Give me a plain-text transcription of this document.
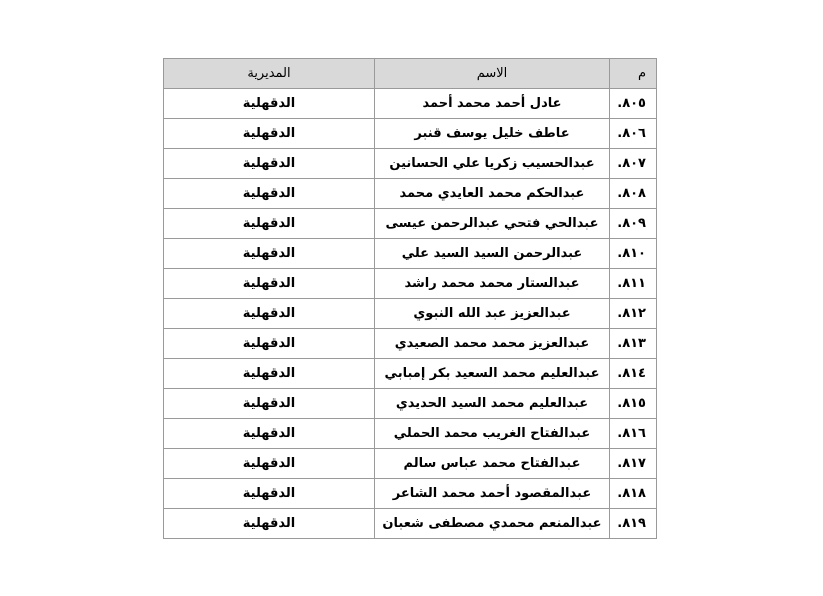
م	الاسم	المديرية
٨٠٥.	عادل أحمد محمد أحمد	الدقهلية
٨٠٦.	عاطف خليل يوسف قنبر	الدقهلية
٨٠٧.	عبدالحسيب زكريا علي الحسانين	الدقهلية
٨٠٨.	عبدالحكم محمد العايدي محمد	الدقهلية
٨٠٩.	عبدالحي فتحي عبدالرحمن عيسى	الدقهلية
٨١٠.	عبدالرحمن السيد السيد علي	الدقهلية
٨١١.	عبدالستار محمد محمد راشد	الدقهلية
٨١٢.	عبدالعزيز عبد الله النبوي	الدقهلية
٨١٣.	عبدالعزيز محمد محمد الصعيدي	الدقهلية
٨١٤.	عبدالعليم محمد السعيد بكر إمبابي	الدقهلية
٨١٥.	عبدالعليم محمد السيد الحديدي	الدقهلية
٨١٦.	عبدالفتاح الغريب محمد الحملي	الدقهلية
٨١٧.	عبدالفتاح محمد عباس سالم	الدقهلية
٨١٨.	عبدالمقصود أحمد محمد الشاعر	الدقهلية
٨١٩.	عبدالمنعم محمدي مصطفى شعبان	الدقهلية
